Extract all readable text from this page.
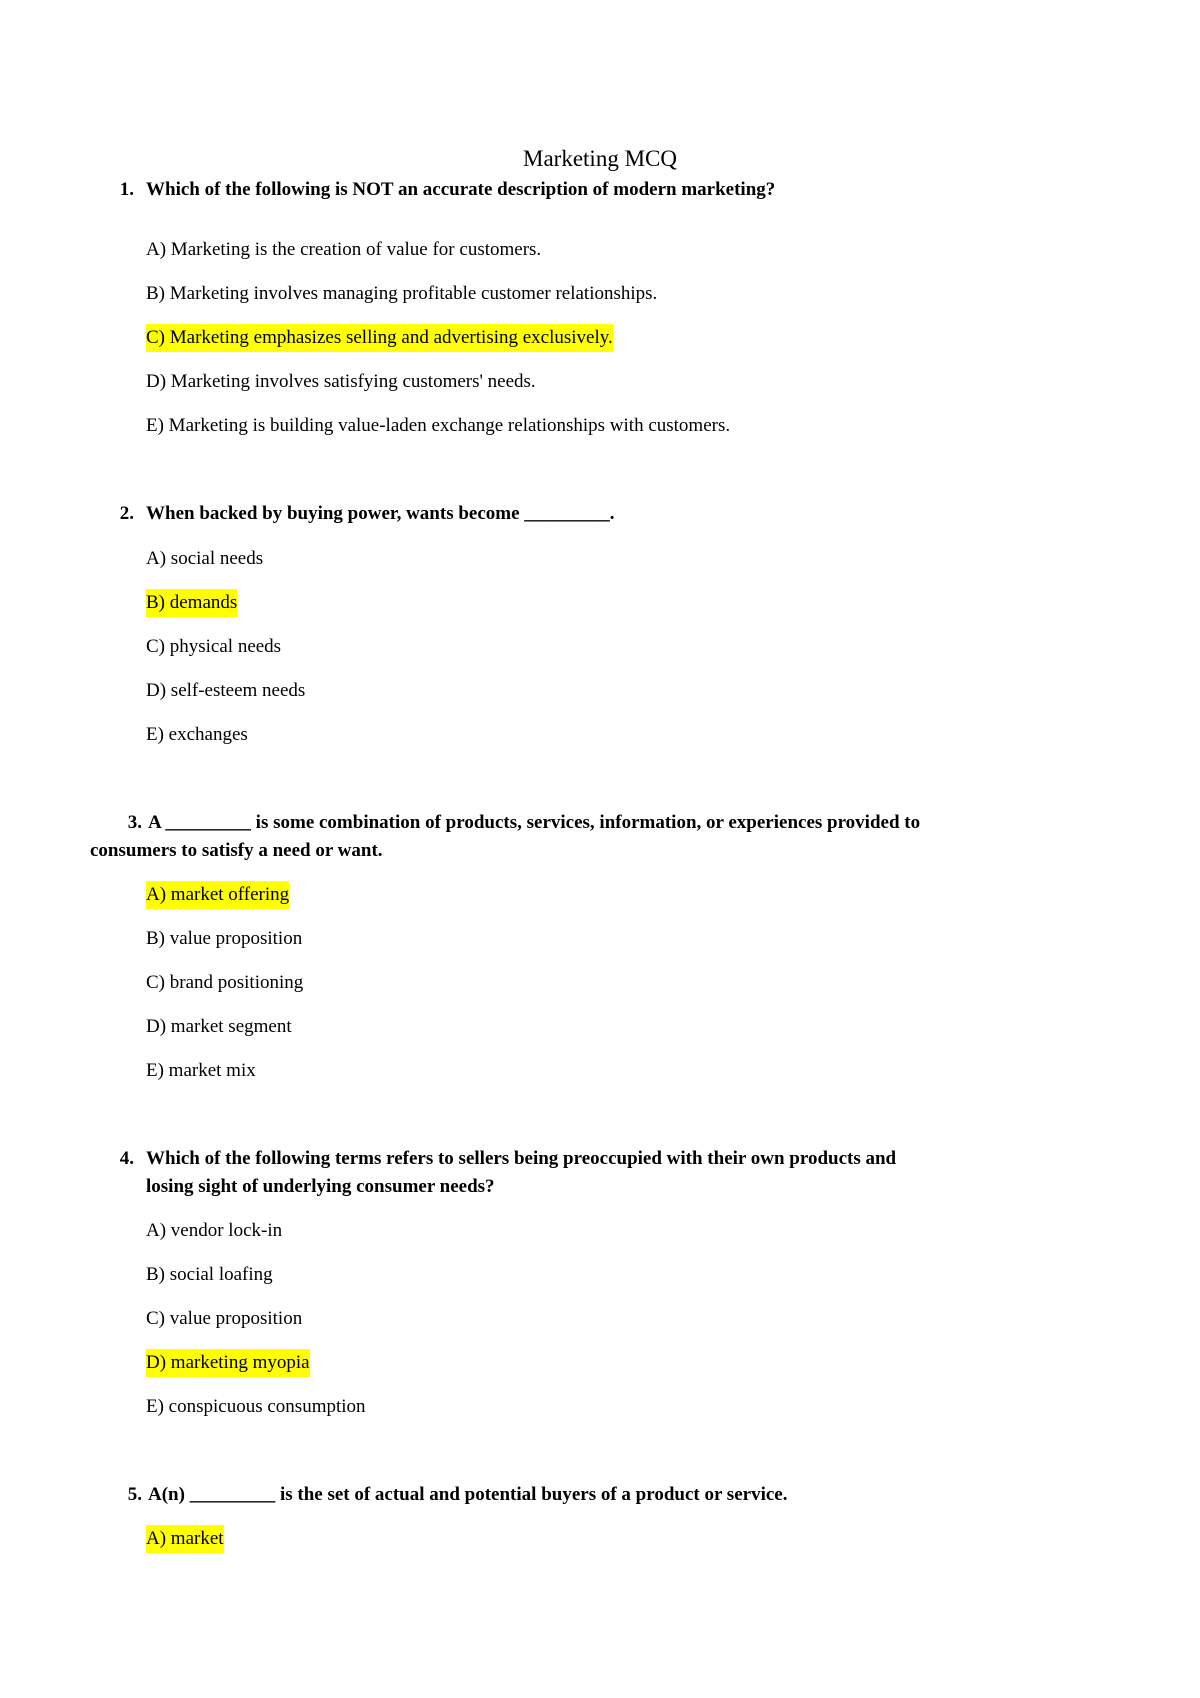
Marketing MCQ
1. Which of the following is NOT an accurate description of modern marketing?
A) Marketing is the creation of value for customers.
B) Marketing involves managing profitable customer relationships.
C) Marketing emphasizes selling and advertising exclusively.
D) Marketing involves satisfying customers' needs.
E) Marketing is building value-laden exchange relationships with customers.
2. When backed by buying power, wants become _________.
A) social needs
B) demands
C) physical needs
D) self-esteem needs
E) exchanges
3. A _________ is some combination of products, services, information, or experiences provided to
consumers to satisfy a need or want.
A) market offering
B) value proposition
C) brand positioning
D) market segment
E) market mix
4. Which of the following terms refers to sellers being preoccupied with their own products and
losing sight of underlying consumer needs?
A) vendor lock-in
B) social loafing
C) value proposition
D) marketing myopia
E) conspicuous consumption
5. A(n) _________ is the set of actual and potential buyers of a product or service.
A) market
